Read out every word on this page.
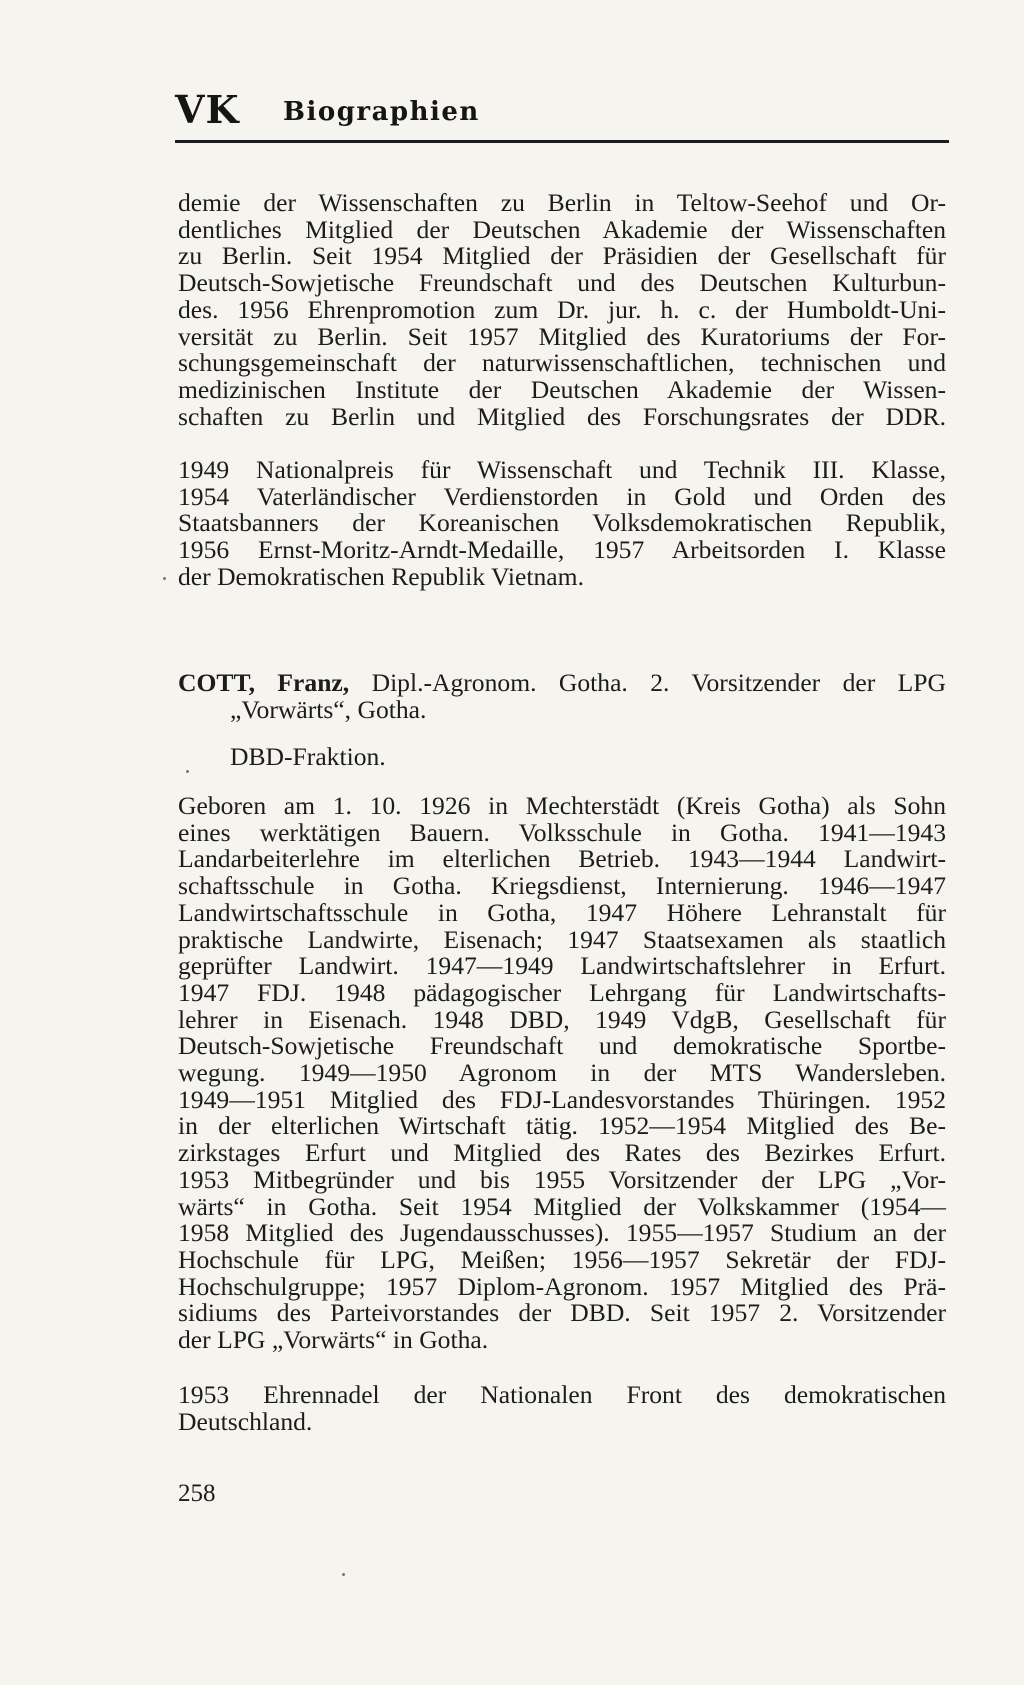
VK Biographien
demie der Wissenschaften zu Berlin in Teltow-Seehof und Or-
dentliches Mitglied der Deutschen Akademie der Wissenschaften
zu Berlin. Seit 1954 Mitglied der Präsidien der Gesellschaft für
Deutsch-Sowjetische Freundschaft und des Deutschen Kulturbun-
des. 1956 Ehrenpromotion zum Dr. jur. h. c. der Humboldt-Uni-
versität zu Berlin. Seit 1957 Mitglied des Kuratoriums der For-
schungsgemeinschaft der naturwissenschaftlichen, technischen und
medizinischen Institute der Deutschen Akademie der Wissen-
schaften zu Berlin und Mitglied des Forschungsrates der DDR.
1949 Nationalpreis für Wissenschaft und Technik III. Klasse,
1954 Vaterländischer Verdienstorden in Gold und Orden des
Staatsbanners der Koreanischen Volksdemokratischen Republik,
1956 Ernst-Moritz-Arndt-Medaille, 1957 Arbeitsorden I. Klasse
der Demokratischen Republik Vietnam.
COTT, Franz, Dipl.-Agronom. Gotha. 2. Vorsitzender der LPG
„Vorwärts“, Gotha.

DBD-Fraktion.

Geboren am 1. 10. 1926 in Mechterstädt (Kreis Gotha) als Sohn
eines werktätigen Bauern. Volksschule in Gotha. 1941—1943
Landarbeiterlehre im elterlichen Betrieb. 1943—1944 Landwirt-
schaftsschule in Gotha. Kriegsdienst, Internierung. 1946—1947
Landwirtschaftsschule in Gotha, 1947 Höhere Lehranstalt für
praktische Landwirte, Eisenach; 1947 Staatsexamen als staatlich
geprüfter Landwirt. 1947—1949 Landwirtschaftslehrer in Erfurt.
1947 FDJ. 1948 pädagogischer Lehrgang für Landwirtschafts-
lehrer in Eisenach. 1948 DBD, 1949 VdgB, Gesellschaft für
Deutsch-Sowjetische Freundschaft und demokratische Sportbe-
wegung. 1949—1950 Agronom in der MTS Wandersleben.
1949—1951 Mitglied des FDJ-Landesvorstandes Thüringen. 1952
in der elterlichen Wirtschaft tätig. 1952—1954 Mitglied des Be-
zirkstages Erfurt und Mitglied des Rates des Bezirkes Erfurt.
1953 Mitbegründer und bis 1955 Vorsitzender der LPG „Vor-
wärts“ in Gotha. Seit 1954 Mitglied der Volkskammer (1954—
1958 Mitglied des Jugendausschusses). 1955—1957 Studium an der
Hochschule für LPG, Meißen; 1956—1957 Sekretär der FDJ-
Hochschulgruppe; 1957 Diplom-Agronom. 1957 Mitglied des Prä-
sidiums des Parteivorstandes der DBD. Seit 1957 2. Vorsitzender
der LPG „Vorwärts“ in Gotha.
1953 Ehrennadel der Nationalen Front des demokratischen
Deutschland.
258
